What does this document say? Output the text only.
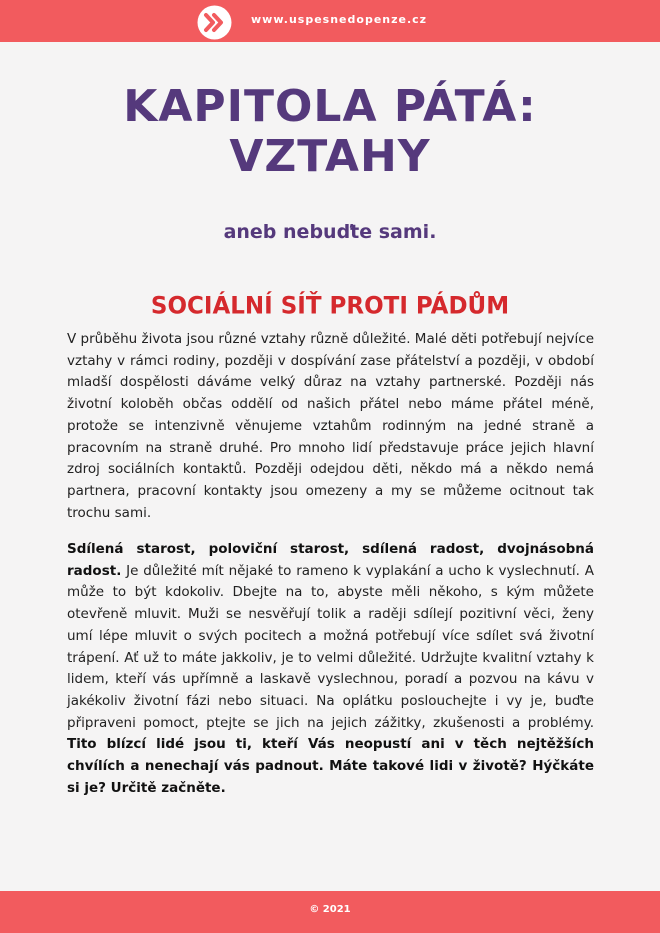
www.uspesnedopenze.cz
KAPITOLA PÁTÁ:
VZTAHY
aneb nebuďte sami.
SOCIÁLNÍ SÍŤ PROTI PÁDŮM

V průběhu života jsou různé vztahy různě důležité. Malé děti potřebují nejvíce vztahy v rámci rodiny, později v dospívání zase přátelství a později, v období mladší dospělosti dáváme velký důraz na vztahy partnerské. Později nás životní koloběh občas oddělí od našich přátel nebo máme přátel méně, protože se intenzivně věnujeme vztahům rodinným na jedné straně a pracovním na straně druhé. Pro mnoho lidí představuje práce jejich hlavní zdroj sociálních kontaktů. Později odejdou děti, někdo má a někdo nemá partnera, pracovní kontakty jsou omezeny a my se můžeme ocitnout tak trochu sami.

Sdílená starost, poloviční starost, sdílená radost, dvojnásobná radost. Je důležité mít nějaké to rameno k vyplakání a ucho k vyslechnutí. A může to být kdokoliv. Dbejte na to, abyste měli někoho, s kým můžete otevřeně mluvit. Muži se nesvěřují tolik a raději sdílejí pozitivní věci, ženy umí lépe mluvit o svých pocitech a možná potřebují více sdílet svá životní trápení. Ať už to máte jakkoliv, je to velmi důležité. Udržujte kvalitní vztahy k lidem, kteří vás upřímně a laskavě vyslechnou, poradí a pozvou na kávu v jakékoliv životní fázi nebo situaci. Na oplátku poslouchejte i vy je, buďte připraveni pomoct, ptejte se jich na jejich zážitky, zkušenosti a problémy. Tito blízcí lidé jsou ti, kteří Vás neopustí ani v těch nejtěžších chvílích a nenechají vás padnout. Máte takové lidi v životě? Hýčkáte si je? Určitě začněte.

© 2021
